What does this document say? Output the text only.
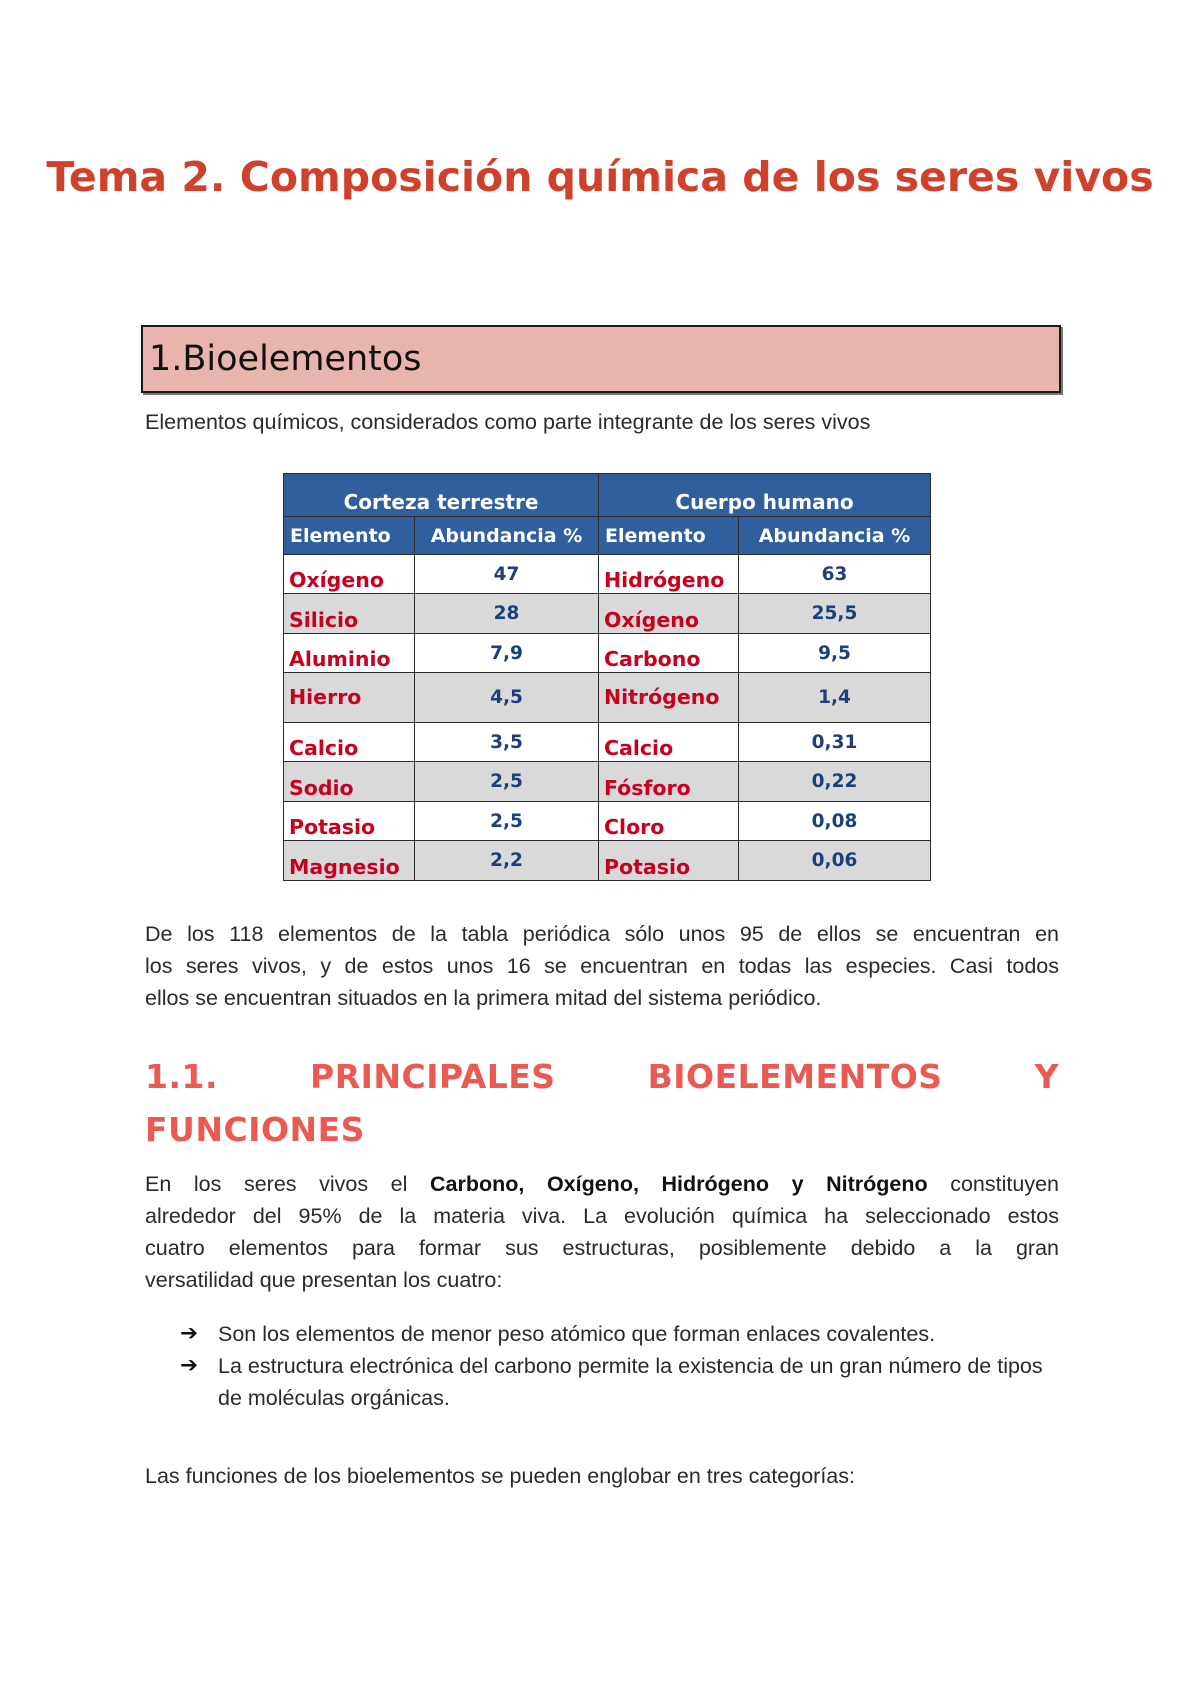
Tema 2. Composición química de los seres vivos
1.Bioelementos

Elementos químicos, considerados como parte integrante de los seres vivos

Corteza terrestre		Cuerpo humano	
Elemento	Abundancia %	Elemento	Abundancia %
Oxígeno	47	Hidrógeno	63
Silicio	28	Oxígeno	25,5
Aluminio	7,9	Carbono	9,5
Hierro	4,5	Nitrógeno	1,4
Calcio	3,5	Calcio	0,31
Sodio	2,5	Fósforo	0,22
Potasio	2,5	Cloro	0,08
Magnesio	2,2	Potasio	0,06

De los 118 elementos de la tabla periódica sólo unos 95 de ellos se encuentran en
los seres vivos, y de estos unos 16 se encuentran en todas las especies. Casi todos
ellos se encuentran situados en la primera mitad del sistema periódico.

1.1. PRINCIPALES BIOELEMENTOS Y
FUNCIONES

En los seres vivos el Carbono, Oxígeno, Hidrógeno y Nitrógeno constituyen
alrededor del 95% de la materia viva. La evolución química ha seleccionado estos
cuatro elementos para formar sus estructuras, posiblemente debido a la gran
versatilidad que presentan los cuatro:

➔ Son los elementos de menor peso atómico que forman enlaces covalentes.
➔ La estructura electrónica del carbono permite la existencia de un gran número de tipos de moléculas orgánicas.

Las funciones de los bioelementos se pueden englobar en tres categorías:
